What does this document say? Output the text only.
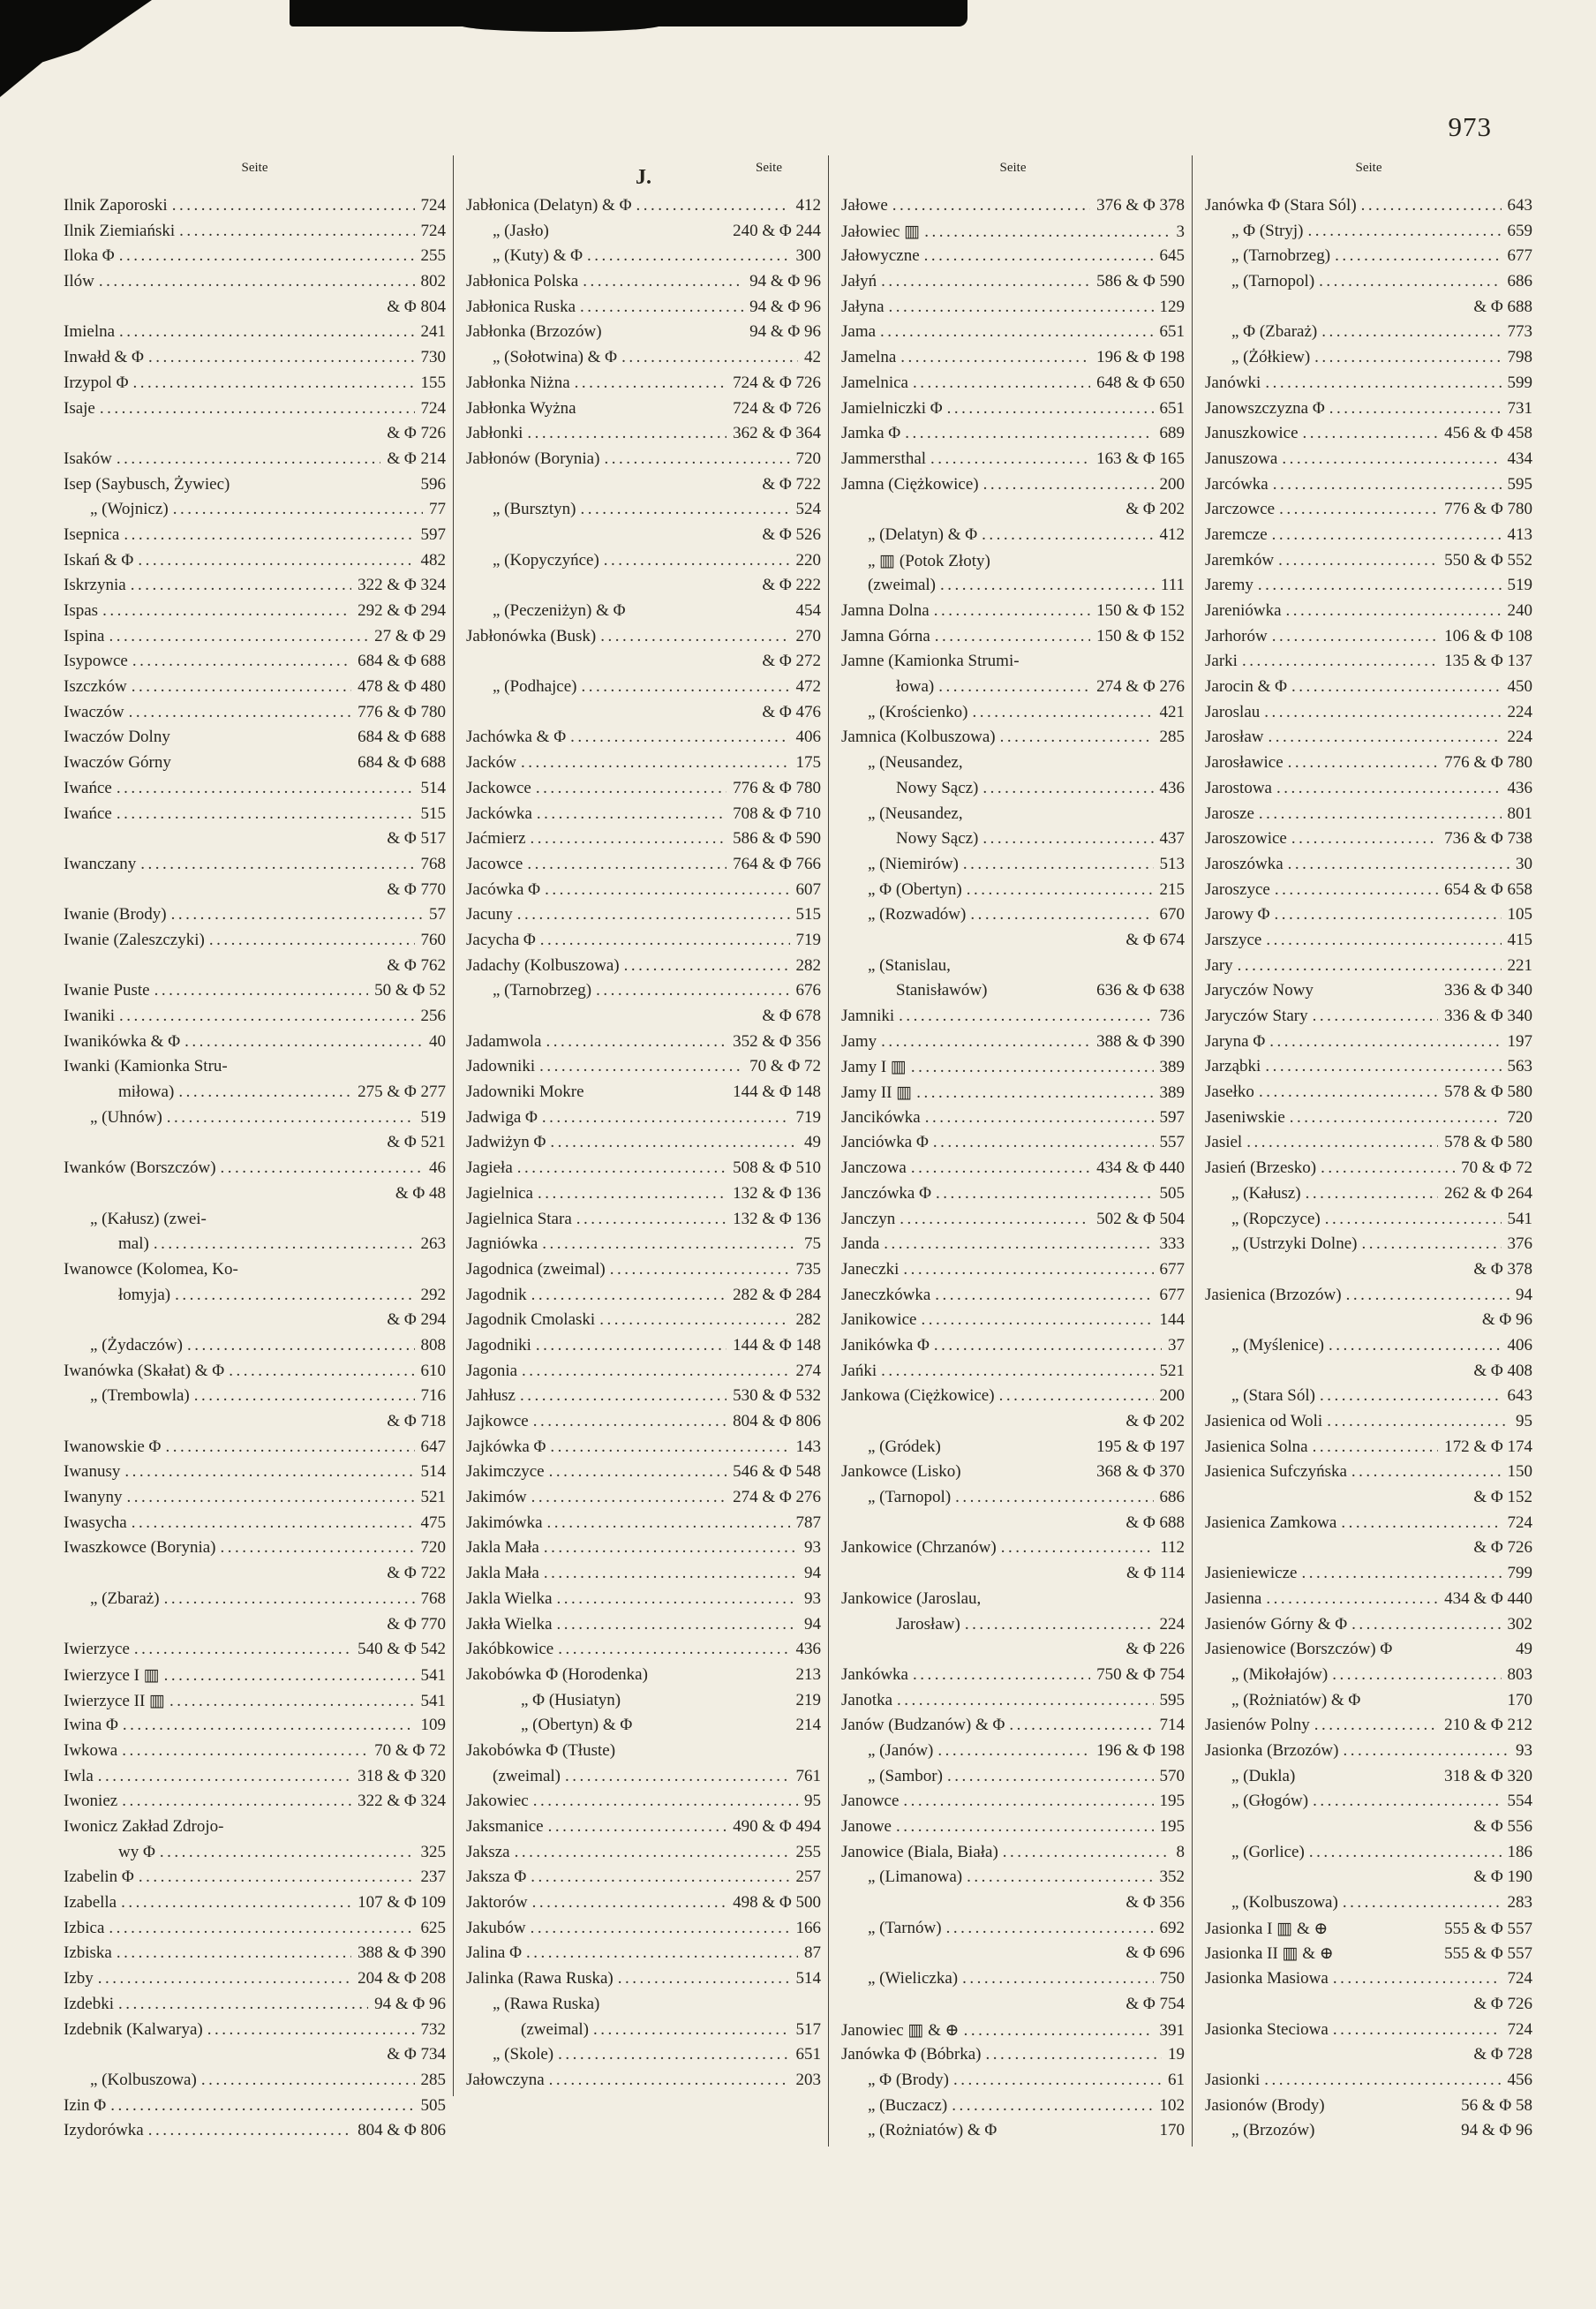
973
Seite
Ilnik Zaporoski .....	724
Ilnik Ziemiański .....	724
Iloka Φ .....	255
Ilów .....	802
& Φ 804
Imielna .....	241
Inwałd & Φ .....	730
Irzypol Φ .....	155
Isaje .....	724
& Φ 726
Isaków .....	& Φ 214
Isep (Saybusch, Żywiec)	596
„ (Wojnicz) .....	77
Isepnica .....	597
Iskań & Φ .....	482
Iskrzynia .....	322 & Φ 324
Ispas .....	292 & Φ 294
Ispina .....	27 & Φ 29
Isypowce .....	684 & Φ 688
Iszczków .....	478 & Φ 480
Iwaczów .....	776 & Φ 780
Iwaczów Dolny	684 & Φ 688
Iwaczów Górny	684 & Φ 688
Iwańce .....	514
Iwańce .....	515
& Φ 517
Iwanczany .....	768
& Φ 770
Iwanie (Brody) .....	57
Iwanie (Zaleszczyki) .....	760
& Φ 762
Iwanie Puste .....	50 & Φ 52
Iwaniki .....	256
Iwanikówka & Φ .....	40
Iwanki (Kamionka Stru-
miłowa) .....	275 & Φ 277
„ (Uhnów) .....	519
& Φ 521
Iwanków (Borszczów) .....	46
& Φ 48
„ (Kałusz) (zwei-
mal) .....	263
Iwanowce (Kolomea, Ko-
łomyja) .....	292
& Φ 294
„ (Żydaczów) .....	808
Iwanówka (Skałat) & Φ .....	610
„ (Trembowla) .....	716
& Φ 718
Iwanowskie Φ .....	647
Iwanusy .....	514
Iwanyny .....	521
Iwasycha .....	475
Iwaszkowce (Borynia) .....	720
& Φ 722
„ (Zbaraż) .....	768
& Φ 770
Iwierzyce .....	540 & Φ 542
Iwierzyce I ▥ .....	541
Iwierzyce II ▥ .....	541
Iwina Φ .....	109
Iwkowa .....	70 & Φ 72
Iwla .....	318 & Φ 320
Iwoniez .....	322 & Φ 324
Iwonicz Zakład Zdrojo-
wy Φ .....	325
Izabelin Φ .....	237
Izabella .....	107 & Φ 109
Izbica .....	625
Izbiska .....	388 & Φ 390
Izby .....	204 & Φ 208
Izdebki .....	94 & Φ 96
Izdebnik (Kalwarya) .....	732
& Φ 734
„ (Kolbuszowa) .....	285
Izin Φ .....	505
Izydorówka .....	804 & Φ 806
J.	Seite
Jabłonica (Delatyn) & Φ .....	412
„ (Jasło)	240 & Φ 244
„ (Kuty) & Φ .....	300
Jabłonica Polska .....	94 & Φ 96
Jabłonica Ruska .....	94 & Φ 96
Jabłonka (Brzozów)	94 & Φ 96
„ (Sołotwina) & Φ .....	42
Jabłonka Niżna .....	724 & Φ 726
Jabłonka Wyżna	724 & Φ 726
Jabłonki .....	362 & Φ 364
Jabłonów (Borynia) .....	720
& Φ 722
„ (Bursztyn) .....	524
& Φ 526
„ (Kopyczyńce) .....	220
& Φ 222
„ (Peczeniżyn) & Φ	454
Jabłonówka (Busk) .....	270
& Φ 272
„ (Podhajce) .....	472
& Φ 476
Jachówka & Φ .....	406
Jacków .....	175
Jackowce .....	776 & Φ 780
Jackówka .....	708 & Φ 710
Jaćmierz .....	586 & Φ 590
Jacowce .....	764 & Φ 766
Jacówka Φ .....	607
Jacuny .....	515
Jacycha Φ .....	719
Jadachy (Kolbuszowa) .....	282
„ (Tarnobrzeg) .....	676
& Φ 678
Jadamwola .....	352 & Φ 356
Jadowniki .....	70 & Φ 72
Jadowniki Mokre	144 & Φ 148
Jadwiga Φ .....	719
Jadwiżyn Φ .....	49
Jagieła .....	508 & Φ 510
Jagielnica .....	132 & Φ 136
Jagielnica Stara .....	132 & Φ 136
Jagniówka .....	75
Jagodnica (zweimal) .....	735
Jagodnik .....	282 & Φ 284
Jagodnik Cmolaski .....	282
Jagodniki .....	144 & Φ 148
Jagonia .....	274
Jahłusz .....	530 & Φ 532
Jajkowce .....	804 & Φ 806
Jajkówka Φ .....	143
Jakimczyce .....	546 & Φ 548
Jakimów .....	274 & Φ 276
Jakimówka .....	787
Jakla Mała .....	93
Jakla Mała .....	94
Jakla Wielka .....	93
Jakła Wielka .....	94
Jakóbkowice .....	436
Jakobówka Φ (Horodenka)	213
„ Φ (Husiatyn)	219
„ (Obertyn) & Φ	214
Jakobówka Φ (Tłuste)
(zweimal) .....	761
Jakowiec .....	95
Jaksmanice .....	490 & Φ 494
Jaksza .....	255
Jaksza Φ .....	257
Jaktorów .....	498 & Φ 500
Jakubów .....	166
Jalina Φ .....	87
Jalinka (Rawa Ruska) .....	514
„ (Rawa Ruska)
(zweimal) .....	517
„ (Skole) .....	651
Jałowczyna .....	203
Seite
Jałowe .....	376 & Φ 378
Jałowiec ▥ .....	3
Jałowyczne .....	645
Jałyń .....	586 & Φ 590
Jałyna .....	129
Jama .....	651
Jamelna .....	196 & Φ 198
Jamelnica .....	648 & Φ 650
Jamielniczki Φ .....	651
Jamka Φ .....	689
Jammersthal .....	163 & Φ 165
Jamna (Ciężkowice) .....	200
& Φ 202
„ (Delatyn) & Φ .....	412
„ ▥ (Potok Złoty)
(zweimal) .....	111
Jamna Dolna .....	150 & Φ 152
Jamna Górna .....	150 & Φ 152
Jamne (Kamionka Strumi-
łowa) .....	274 & Φ 276
„ (Krościenko) .....	421
Jamnica (Kolbuszowa) .....	285
„ (Neusandez,
Nowy Sącz) .....	436
„ (Neusandez,
Nowy Sącz) .....	437
„ (Niemirów) .....	513
„ Φ (Obertyn) .....	215
„ (Rozwadów) .....	670
& Φ 674
„ (Stanislau,
Stanisławów)	636 & Φ 638
Jamniki .....	736
Jamy .....	388 & Φ 390
Jamy I ▥ .....	389
Jamy II ▥ .....	389
Jancikówka .....	597
Janciówka Φ .....	557
Janczowa .....	434 & Φ 440
Janczówka Φ .....	505
Janczyn .....	502 & Φ 504
Janda .....	333
Janeczki .....	677
Janeczkówka .....	677
Janikowice .....	144
Janikówka Φ .....	37
Jańki .....	521
Jankowa (Ciężkowice) .....	200
& Φ 202
„ (Gródek)	195 & Φ 197
Jankowce (Lisko)	368 & Φ 370
„ (Tarnopol) .....	686
& Φ 688
Jankowice (Chrzanów) .....	112
& Φ 114
Jankowice (Jaroslau,
Jarosław) .....	224
& Φ 226
Jankówka .....	750 & Φ 754
Janotka .....	595
Janów (Budzanów) & Φ .....	714
„ (Janów) .....	196 & Φ 198
„ (Sambor) .....	570
Janowce .....	195
Janowe .....	195
Janowice (Biala, Biała) .....	8
„ (Limanowa) .....	352
& Φ 356
„ (Tarnów) .....	692
& Φ 696
„ (Wieliczka) .....	750
& Φ 754
Janowiec ▥ & ⊕ .....	391
Janówka Φ (Bóbrka) .....	19
„ Φ (Brody) .....	61
„ (Buczacz) .....	102
„ (Rożniatów) & Φ	170
Seite
Janówka Φ (Stara Sól) .....	643
„ Φ (Stryj) .....	659
„ (Tarnobrzeg) .....	677
„ (Tarnopol) .....	686
& Φ 688
„ Φ (Zbaraż) .....	773
„ (Żółkiew) .....	798
Janówki .....	599
Janowszczyzna Φ .....	731
Januszkowice .....	456 & Φ 458
Januszowa .....	434
Jarcówka .....	595
Jarczowce .....	776 & Φ 780
Jaremcze .....	413
Jaremków .....	550 & Φ 552
Jaremy .....	519
Jareniówka .....	240
Jarhorów .....	106 & Φ 108
Jarki .....	135 & Φ 137
Jarocin & Φ .....	450
Jaroslau .....	224
Jarosław .....	224
Jarosławice .....	776 & Φ 780
Jarostowa .....	436
Jarosze .....	801
Jaroszowice .....	736 & Φ 738
Jaroszówka .....	30
Jaroszyce .....	654 & Φ 658
Jarowy Φ .....	105
Jarszyce .....	415
Jary .....	221
Jaryczów Nowy	336 & Φ 340
Jaryczów Stary .....	336 & Φ 340
Jaryna Φ .....	197
Jarząbki .....	563
Jasełko .....	578 & Φ 580
Jaseniwskie .....	720
Jasiel .....	578 & Φ 580
Jasień (Brzesko) .....	70 & Φ 72
„ (Kałusz) .....	262 & Φ 264
„ (Ropczyce) .....	541
„ (Ustrzyki Dolne) .....	376
& Φ 378
Jasienica (Brzozów) .....	94
& Φ 96
„ (Myślenice) .....	406
& Φ 408
„ (Stara Sól) .....	643
Jasienica od Woli .....	95
Jasienica Solna .....	172 & Φ 174
Jasienica Sufczyńska .....	150
& Φ 152
Jasienica Zamkowa .....	724
& Φ 726
Jasieniewicze .....	799
Jasienna .....	434 & Φ 440
Jasienów Górny & Φ .....	302
Jasienowice (Borszczów) Φ	49
„ (Mikołajów) .....	803
„ (Rożniatów) & Φ	170
Jasienów Polny .....	210 & Φ 212
Jasionka (Brzozów) .....	93
„ (Dukla)	318 & Φ 320
„ (Głogów) .....	554
& Φ 556
„ (Gorlice) .....	186
& Φ 190
„ (Kolbuszowa) .....	283
Jasionka I ▥ & ⊕	555 & Φ 557
Jasionka II ▥ & ⊕	555 & Φ 557
Jasionka Masiowa .....	724
& Φ 726
Jasionka Steciowa .....	724
& Φ 728
Jasionki .....	456
Jasionów (Brody)	56 & Φ 58
„ (Brzozów)	94 & Φ 96
